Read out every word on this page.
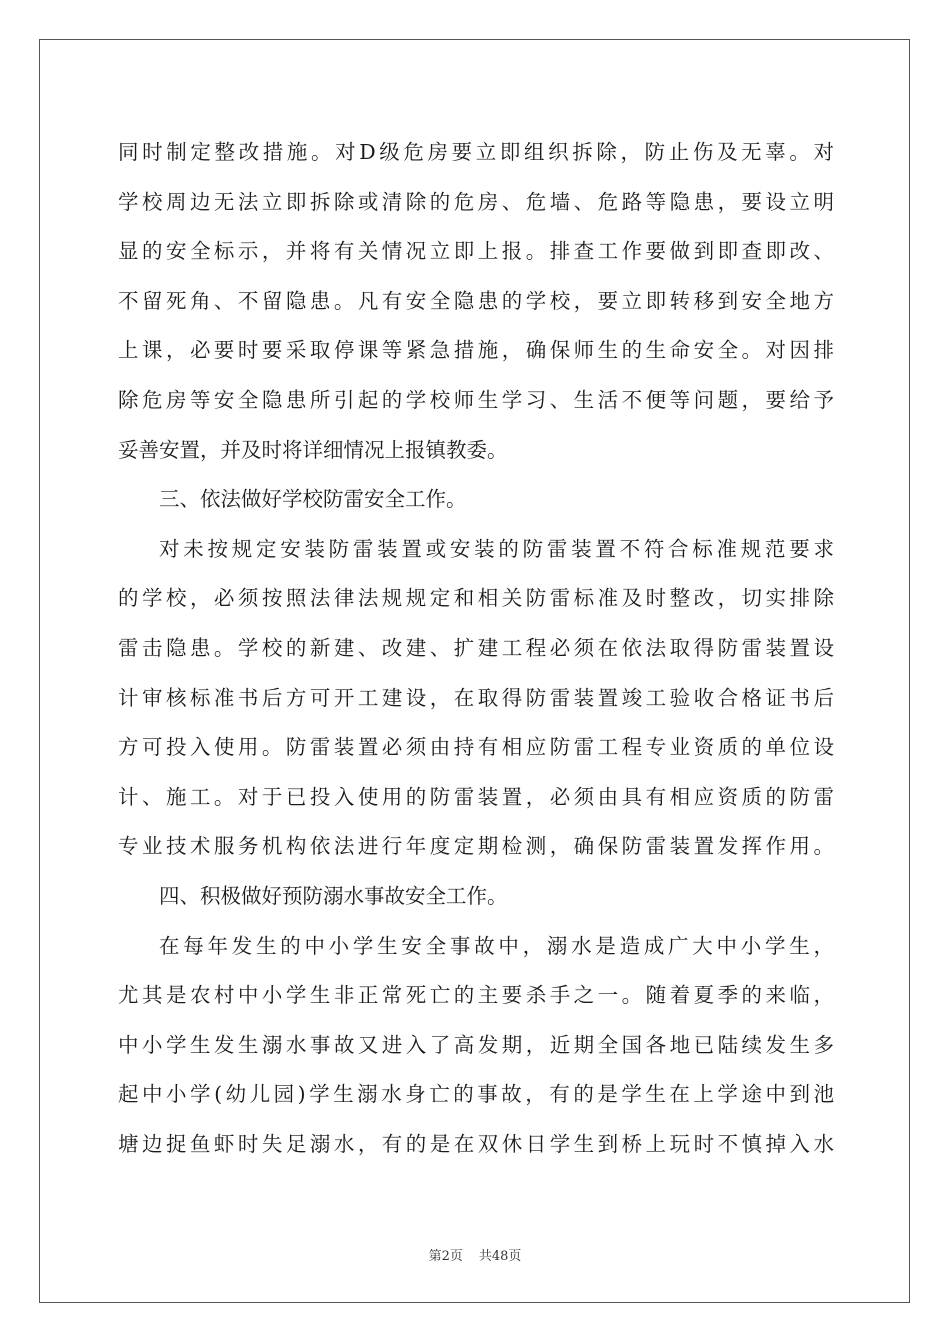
同时制定整改措施。对D级危房要立即组织拆除，防止伤及无辜。对
学校周边无法立即拆除或清除的危房、危墙、危路等隐患，要设立明
显的安全标示，并将有关情况立即上报。排查工作要做到即查即改、
不留死角、不留隐患。凡有安全隐患的学校，要立即转移到安全地方
上课，必要时要采取停课等紧急措施，确保师生的生命安全。对因排
除危房等安全隐患所引起的学校师生学习、生活不便等问题，要给予
妥善安置，并及时将详细情况上报镇教委。
三、依法做好学校防雷安全工作。
对未按规定安装防雷装置或安装的防雷装置不符合标准规范要求
的学校，必须按照法律法规规定和相关防雷标准及时整改，切实排除
雷击隐患。学校的新建、改建、扩建工程必须在依法取得防雷装置设
计审核标准书后方可开工建设，在取得防雷装置竣工验收合格证书后
方可投入使用。防雷装置必须由持有相应防雷工程专业资质的单位设
计、施工。对于已投入使用的防雷装置，必须由具有相应资质的防雷
专业技术服务机构依法进行年度定期检测，确保防雷装置发挥作用。
四、积极做好预防溺水事故安全工作。
在每年发生的中小学生安全事故中，溺水是造成广大中小学生，
尤其是农村中小学生非正常死亡的主要杀手之一。随着夏季的来临，
中小学生发生溺水事故又进入了高发期，近期全国各地已陆续发生多
起中小学(幼儿园)学生溺水身亡的事故，有的是学生在上学途中到池
塘边捉鱼虾时失足溺水，有的是在双休日学生到桥上玩时不慎掉入水
第2页 共48页
